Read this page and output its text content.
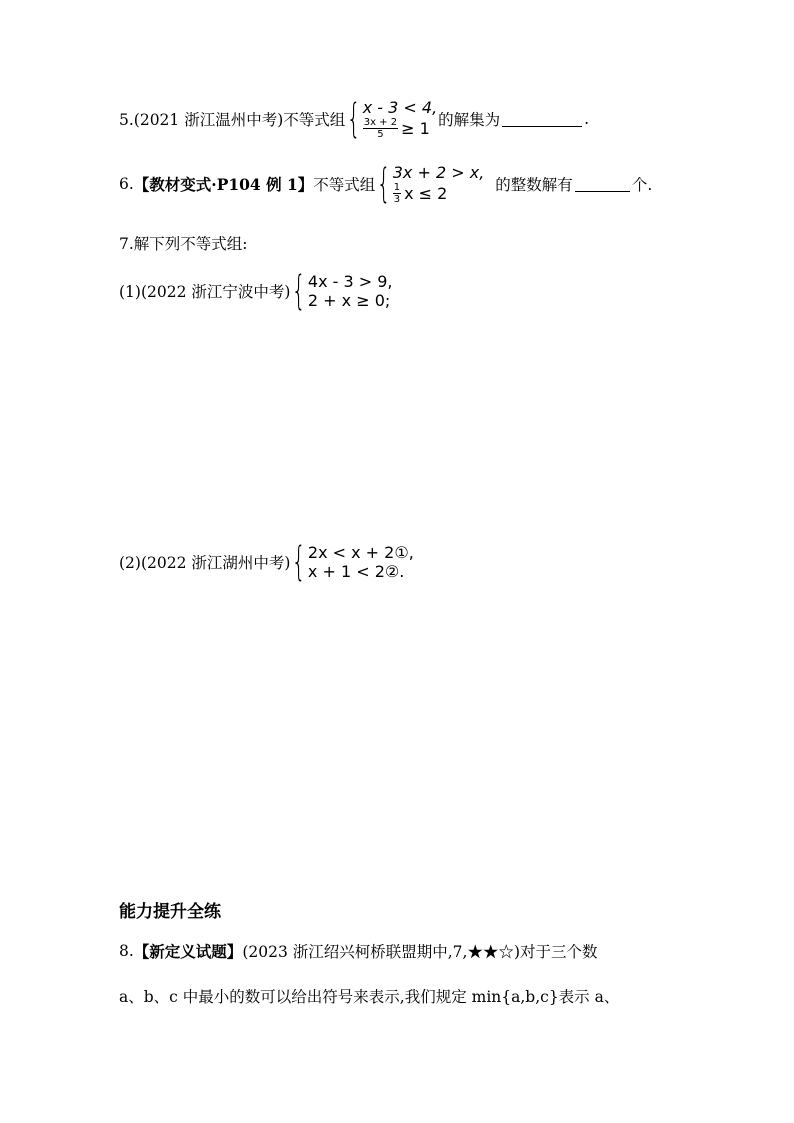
5.(2021 浙江温州中考)不等式组 { x - 3 < 4,
$\frac{3x + 2}{5} \ge 1$ 的解集为	.
6. 【教材变式·P104 例 1】 不等式组 { 3x + 2 > x,
$\frac{1}{3}$ x ≤ 2	的整数解有	个.
7.解下列不等式组:
(1)(2022 浙江宁波中考) { 4x - 3 > 9,
2 + x ≥ 0;
(2)(2022 浙江湖州中考) { 2x < x + 2①,
x + 1 < 2②.
能力提升全练
8. 【新定义试题】 (2023 浙江绍兴柯桥联盟期中,7,★★☆)对于三个数
a、b、c 中最小的数可以给出符号来表示,我们规定 min{a,b,c}表示 a、
